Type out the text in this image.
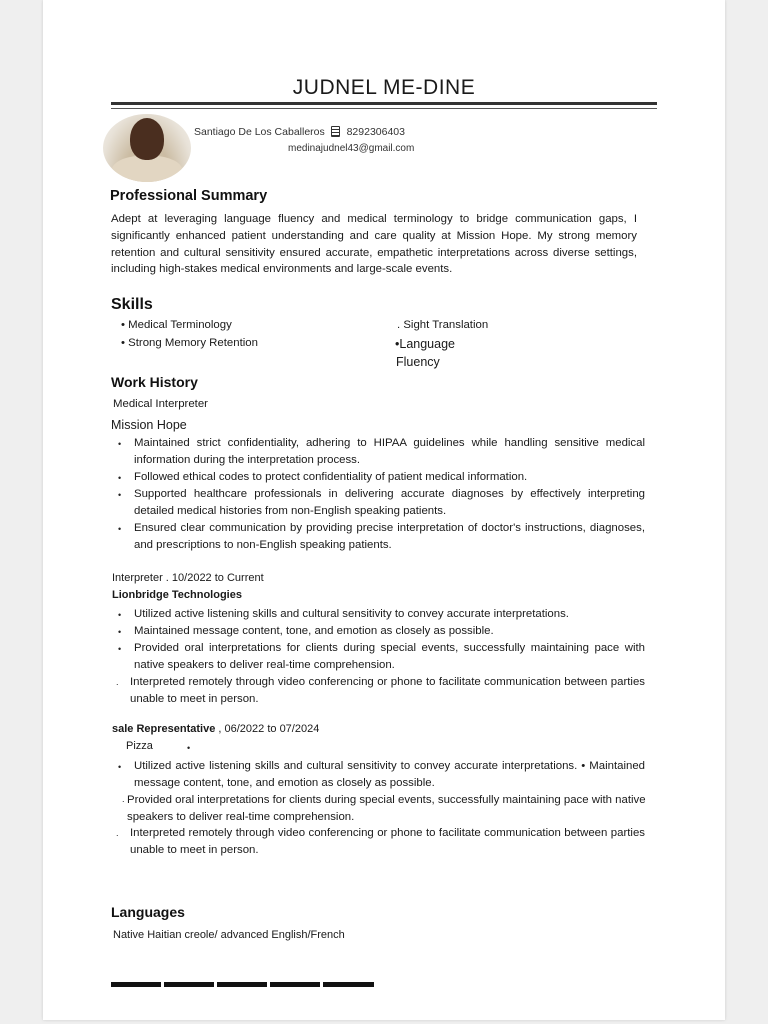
JUDNEL ME-DINE
Santiago De Los Caballeros 8292306403
medinajudnel43@gmail.com
Professional Summary
Adept at leveraging language fluency and medical terminology to bridge communication gaps, I significantly enhanced patient understanding and care quality at Mission Hope. My strong memory retention and cultural sensitivity ensured accurate, empathetic interpretations across diverse settings, including high-stakes medical environments and large-scale events.
Skills
• Medical Terminology
• Strong Memory Retention
. Sight Translation
•Language
Fluency
Work History
Medical Interpreter
Mission Hope
• Maintained strict confidentiality, adhering to HIPAA guidelines while handling sensitive medical information during the interpretation process.
• Followed ethical codes to protect confidentiality of patient medical information.
• Supported healthcare professionals in delivering accurate diagnoses by effectively interpreting detailed medical histories from non-English speaking patients.
• Ensured clear communication by providing precise interpretation of doctor's instructions, diagnoses, and prescriptions to non-English speaking patients.
Interpreter . 10/2022 to Current
Lionbridge Technologies
• Utilized active listening skills and cultural sensitivity to convey accurate interpretations.
• Maintained message content, tone, and emotion as closely as possible.
• Provided oral interpretations for clients during special events, successfully maintaining pace with native speakers to deliver real-time comprehension.
. Interpreted remotely through video conferencing or phone to facilitate communication between parties unable to meet in person.
sale Representative , 06/2022 to 07/2024
Pizza	•
• Utilized active listening skills and cultural sensitivity to convey accurate interpretations. • Maintained message content, tone, and emotion as closely as possible.
. Provided oral interpretations for clients during special events, successfully maintaining pace with native speakers to deliver real-time comprehension.
. Interpreted remotely through video conferencing or phone to facilitate communication between parties unable to meet in person.
Languages
Native Haitian creole/ advanced English/French
